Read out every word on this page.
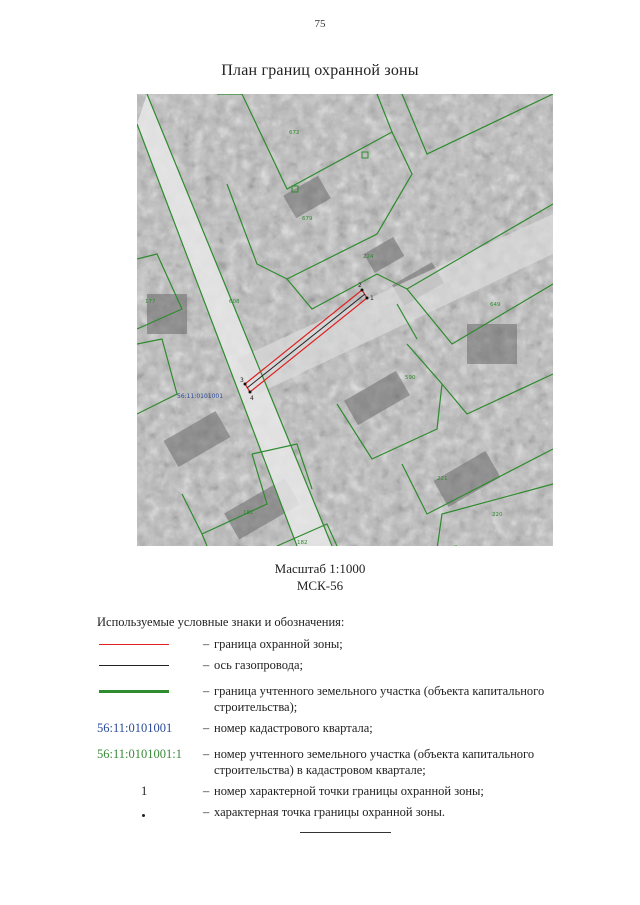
75
План границ охранной зоны
1
2
3
4
672
679
224
649
177	608
590
221
220
181
182
56:11:0101001
Масштаб 1:1000
МСК-56
Используемые условные знаки и обозначения:
– граница охранной зоны;
– ось газопровода;
– граница учтенного земельного участка (объекта капитального строительства);
56:11:0101001	– номер кадастрового квартала;
56:11:0101001:1	– номер учтенного земельного участка (объекта капитального строительства) в кадастровом квартале;
1	– номер характерной точки границы охранной зоны;
– характерная точка границы охранной зоны.
